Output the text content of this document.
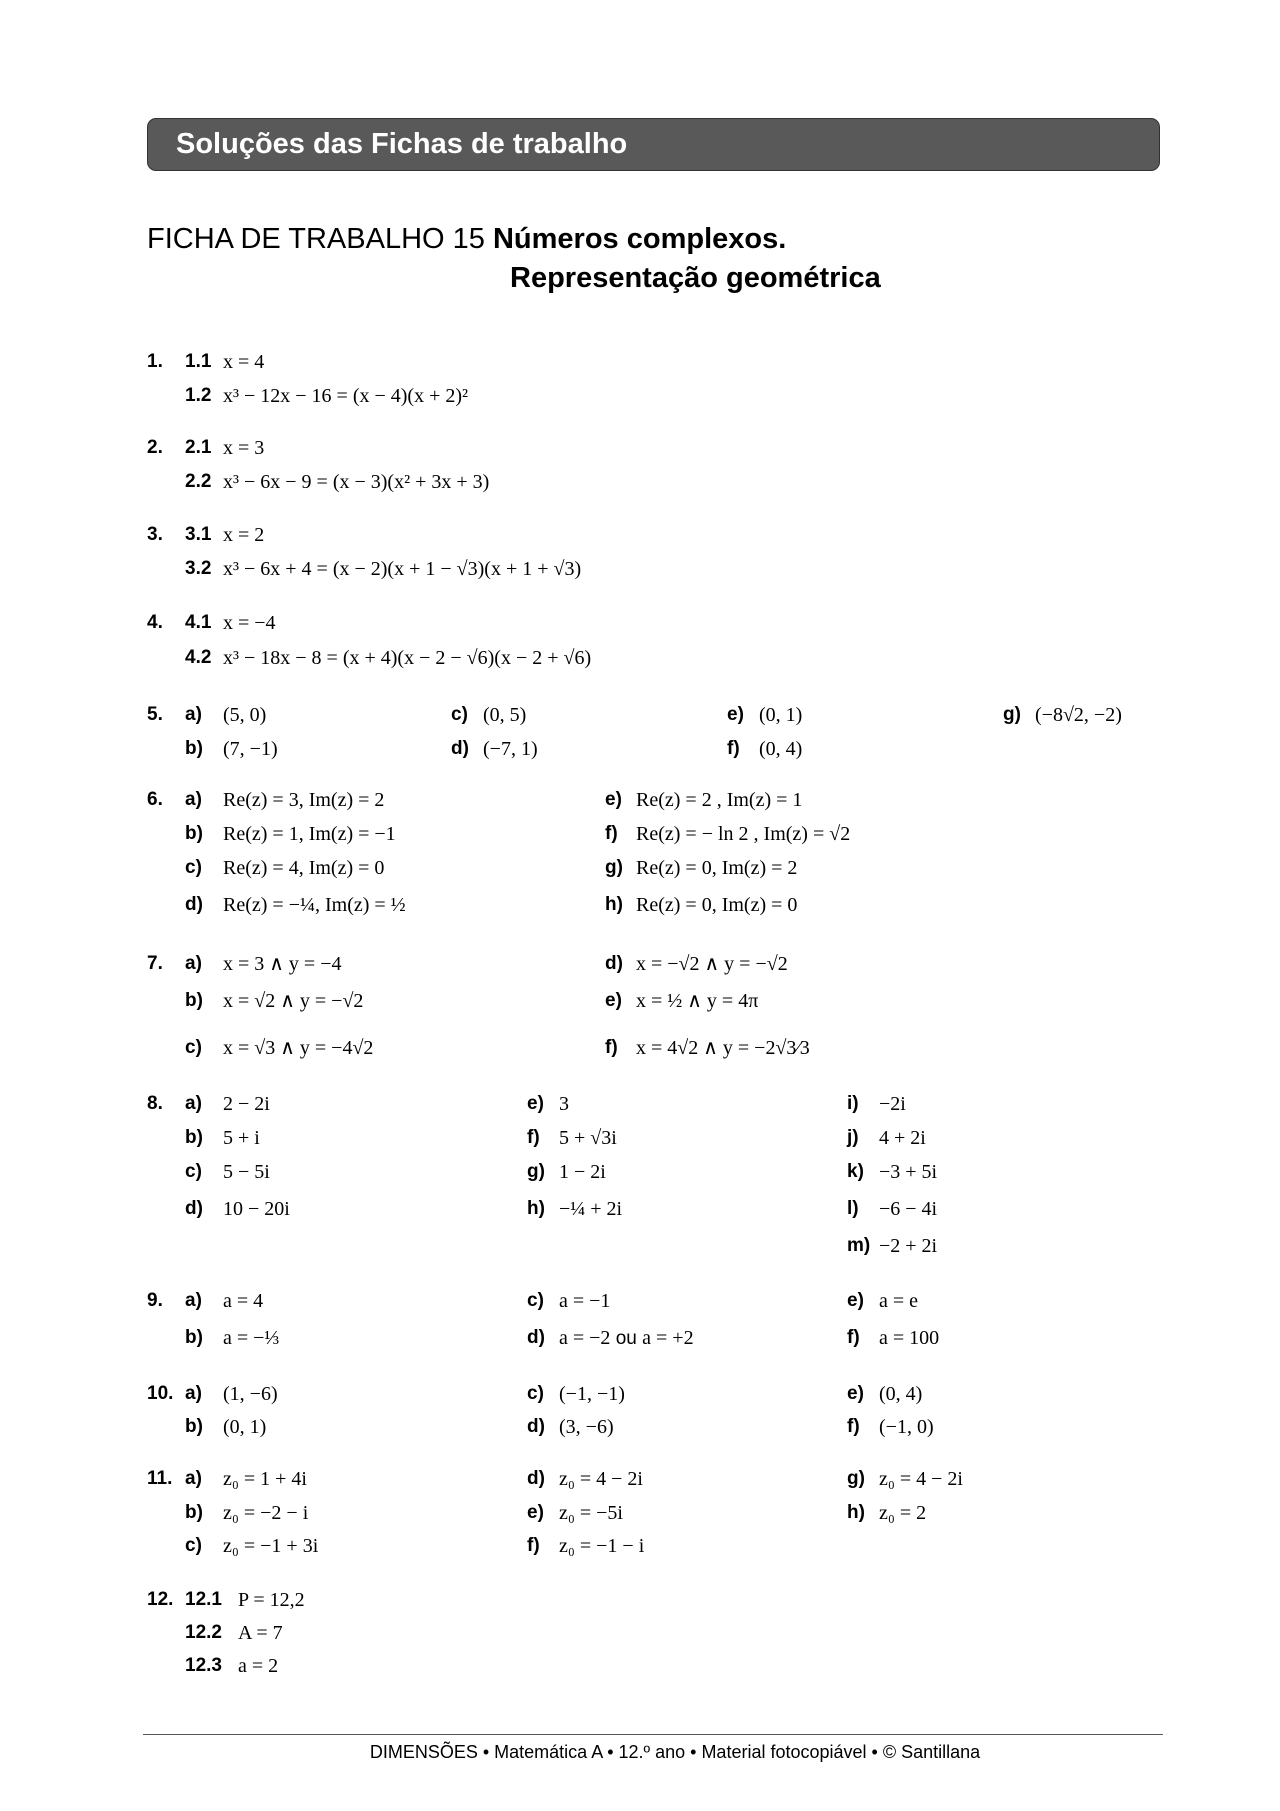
Soluções das Fichas de trabalho
FICHA DE TRABALHO 15 Números complexos.
Representação geométrica
1. 1.1 x = 4
1.2 x³ − 12x − 16 = (x − 4)(x + 2)²
2. 2.1 x = 3
2.2 x³ − 6x − 9 = (x − 3)(x² + 3x + 3)
3. 3.1 x = 2
3.2 x³ − 6x + 4 = (x − 2)(x + 1 − √3)(x + 1 + √3)
4. 4.1 x = −4
4.2 x³ − 18x − 8 = (x + 4)(x − 2 − √6)(x − 2 + √6)
5. a) (5, 0)	c) (0, 5)	e) (0, 1)	g) (−8√2, −2)
b) (7, −1)	d) (−7, 1)	f) (0, 4)
6. a) Re(z) = 3, Im(z) = 2	e) Re(z) = 2 , Im(z) = 1
b) Re(z) = 1, Im(z) = −1	f) Re(z) = − ln 2 , Im(z) = √2
c) Re(z) = 4, Im(z) = 0	g) Re(z) = 0, Im(z) = 2
d) Re(z) = −¼, Im(z) = ½	h) Re(z) = 0, Im(z) = 0
7. a) x = 3 ∧ y = −4	d) x = −√2 ∧ y = −√2
b) x = √2 ∧ y = −√2	e) x = ½ ∧ y = 4π
c) x = √3 ∧ y = −4√2	f) x = 4√2 ∧ y = −2√3⁄3
8. a) 2 − 2i	e) 3	i) −2i
b) 5 + i	f) 5 + √3i	j) 4 + 2i
c) 5 − 5i	g) 1 − 2i	k) −3 + 5i
d) 10 − 20i	h) −¼ + 2i	l) −6 − 4i
m) −2 + 2i
9. a) a = 4	c) a = −1	e) a = e
b) a = −⅓	d) a = −2 ou a = +2	f) a = 100
10. a) (1, −6)	c) (−1, −1)	e) (0, 4)
b) (0, 1)	d) (3, −6)	f) (−1, 0)
11. a) z₀ = 1 + 4i	d) z₀ = 4 − 2i	g) z₀ = 4 − 2i
b) z₀ = −2 − i	e) z₀ = −5i	h) z₀ = 2
c) z₀ = −1 + 3i	f) z₀ = −1 − i
12. 12.1 P = 12,2
12.2 A = 7
12.3 a = 2
DIMENSÕES • Matemática A • 12.º ano • Material fotocopiável • © Santillana
